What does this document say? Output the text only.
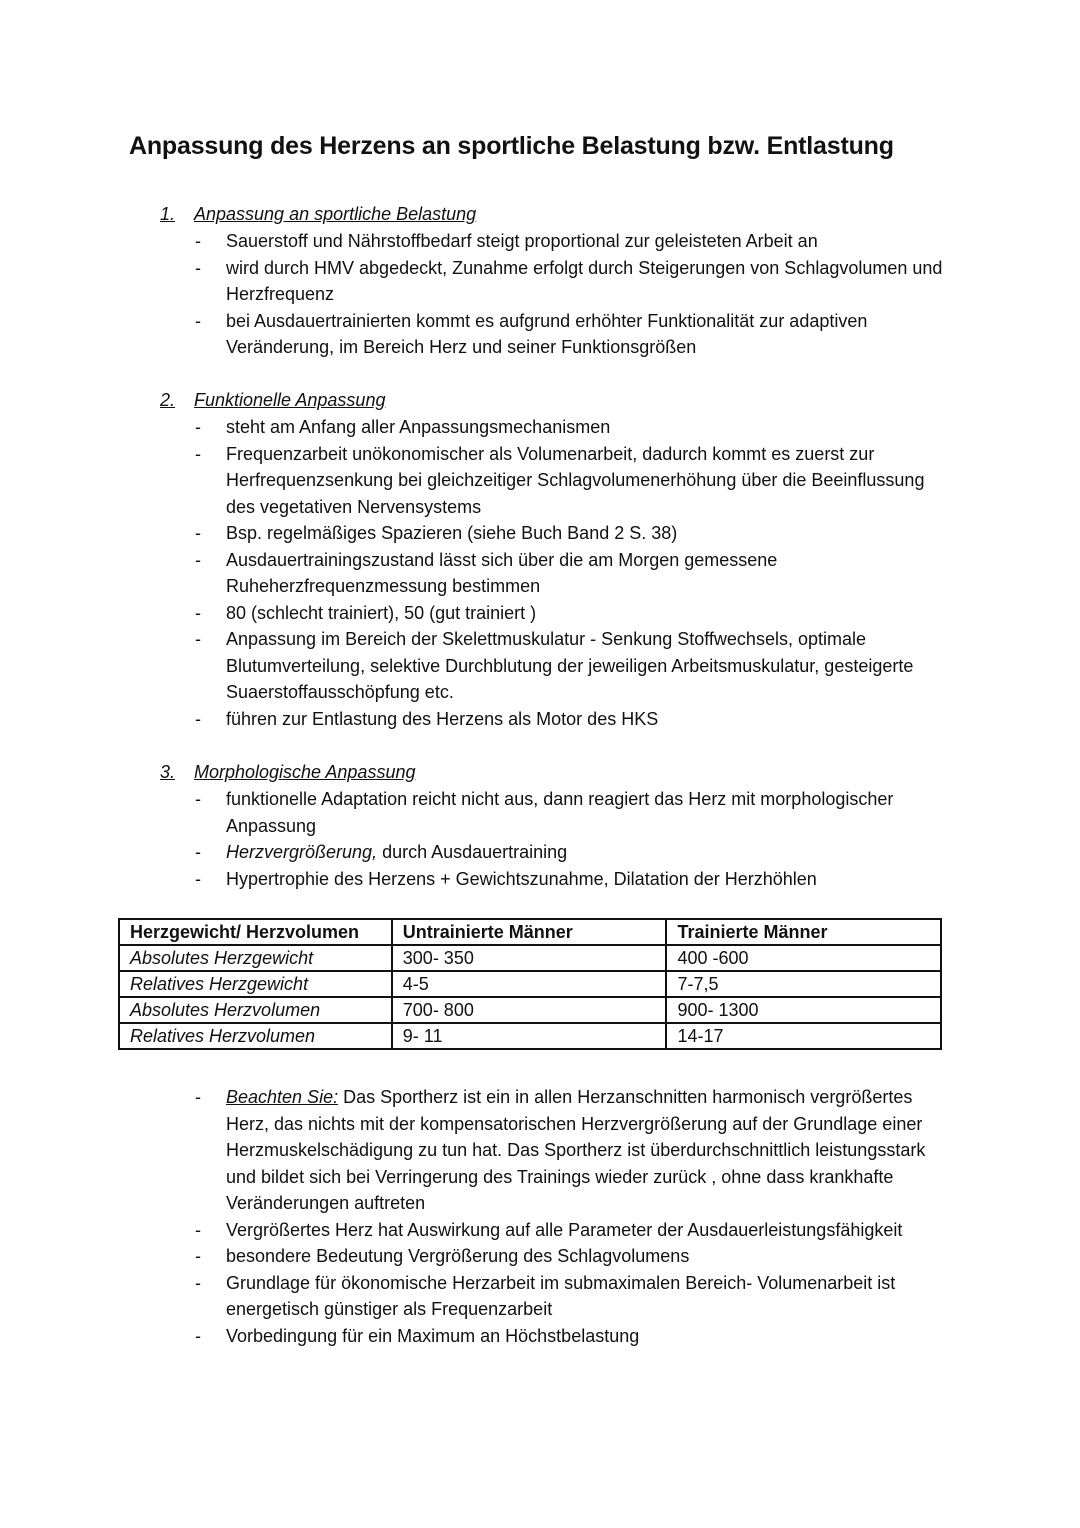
Anpassung des Herzens an sportliche Belastung bzw. Entlastung
1. Anpassung an sportliche Belastung
- Sauerstoff und Nährstoffbedarf steigt proportional zur geleisteten Arbeit an
- wird durch HMV abgedeckt, Zunahme erfolgt durch Steigerungen von Schlagvolumen und Herzfrequenz
- bei Ausdauertrainierten kommt es aufgrund erhöhter Funktionalität zur adaptiven Veränderung, im Bereich Herz und seiner Funktionsgrößen
2. Funktionelle Anpassung
- steht am Anfang aller Anpassungsmechanismen
- Frequenzarbeit unökonomischer als Volumenarbeit, dadurch kommt es zuerst zur Herfrequenzsenkung bei gleichzeitiger Schlagvolumenerhöhung über die Beeinflussung des vegetativen Nervensystems
- Bsp. regelmäßiges Spazieren (siehe Buch Band 2 S. 38)
- Ausdauertrainingszustand lässt sich über die am Morgen gemessene Ruheherzfrequenzmessung bestimmen
- 80 (schlecht trainiert), 50 (gut trainiert )
- Anpassung im Bereich der Skelettmuskulatur - Senkung Stoffwechsels, optimale Blutumverteilung, selektive Durchblutung der jeweiligen Arbeitsmuskulatur, gesteigerte Suaerstoffausschöpfung etc.
- führen zur Entlastung des Herzens als Motor des HKS
3. Morphologische Anpassung
- funktionelle Adaptation reicht nicht aus, dann reagiert das Herz mit morphologischer Anpassung
- Herzvergrößerung, durch Ausdauertraining
- Hypertrophie des Herzens + Gewichtszunahme, Dilatation der Herzhöhlen
Herzgewicht/ Herzvolumen	Untrainierte Männer	Trainierte Männer
Absolutes Herzgewicht	300- 350	400 -600
Relatives Herzgewicht	4-5	7-7,5
Absolutes Herzvolumen	700- 800	900- 1300
Relatives Herzvolumen	9- 11	14-17
- Beachten Sie: Das Sportherz ist ein in allen Herzanschnitten harmonisch vergrößertes Herz, das nichts mit der kompensatorischen Herzvergrößerung auf der Grundlage einer Herzmuskelschädigung zu tun hat. Das Sportherz ist überdurchschnittlich leistungsstark und bildet sich bei Verringerung des Trainings wieder zurück , ohne dass krankhafte Veränderungen auftreten
- Vergrößertes Herz hat Auswirkung auf alle Parameter der Ausdauerleistungsfähigkeit
- besondere Bedeutung Vergrößerung des Schlagvolumens
- Grundlage für ökonomische Herzarbeit im submaximalen Bereich- Volumenarbeit ist energetisch günstiger als Frequenzarbeit
- Vorbedingung für ein Maximum an Höchstbelastung
